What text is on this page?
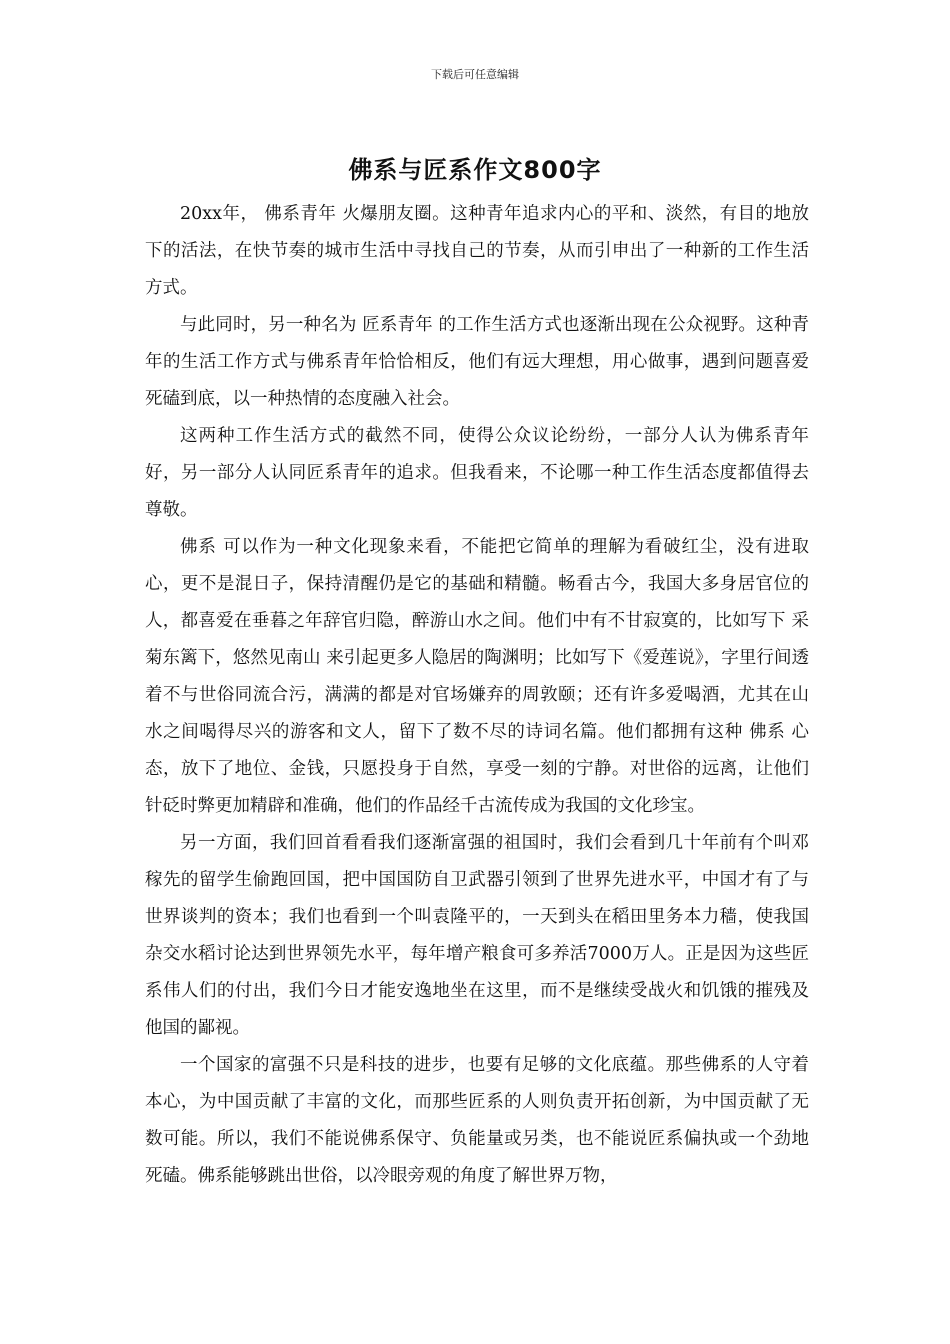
下载后可任意编辑
佛系与匠系作文800字

20xx年， 佛系青年 火爆朋友圈。这种青年追求内心的平和、淡然，有目的地放下的活法，在快节奏的城市生活中寻找自己的节奏，从而引申出了一种新的工作生活方式。

与此同时，另一种名为 匠系青年 的工作生活方式也逐渐出现在公众视野。这种青年的生活工作方式与佛系青年恰恰相反，他们有远大理想，用心做事，遇到问题喜爱死磕到底，以一种热情的态度融入社会。

这两种工作生活方式的截然不同，使得公众议论纷纷，一部分人认为佛系青年好，另一部分人认同匠系青年的追求。但我看来，不论哪一种工作生活态度都值得去尊敬。

佛系 可以作为一种文化现象来看，不能把它简单的理解为看破红尘，没有进取心，更不是混日子，保持清醒仍是它的基础和精髓。畅看古今，我国大多身居官位的人，都喜爱在垂暮之年辞官归隐，醉游山水之间。他们中有不甘寂寞的，比如写下 采菊东篱下，悠然见南山 来引起更多人隐居的陶渊明；比如写下《爱莲说》，字里行间透着不与世俗同流合污，满满的都是对官场嫌弃的周敦颐；还有许多爱喝酒，尤其在山水之间喝得尽兴的游客和文人，留下了数不尽的诗词名篇。他们都拥有这种 佛系 心态，放下了地位、金钱，只愿投身于自然，享受一刻的宁静。对世俗的远离，让他们针砭时弊更加精辟和准确，他们的作品经千古流传成为我国的文化珍宝。

另一方面，我们回首看看我们逐渐富强的祖国时，我们会看到几十年前有个叫邓稼先的留学生偷跑回国，把中国国防自卫武器引领到了世界先进水平，中国才有了与世界谈判的资本；我们也看到一个叫袁隆平的，一天到头在稻田里务本力穑，使我国杂交水稻讨论达到世界领先水平，每年增产粮食可多养活7000万人。正是因为这些匠系伟人们的付出，我们今日才能安逸地坐在这里，而不是继续受战火和饥饿的摧残及他国的鄙视。

一个国家的富强不只是科技的进步，也要有足够的文化底蕴。那些佛系的人守着本心，为中国贡献了丰富的文化，而那些匠系的人则负责开拓创新，为中国贡献了无数可能。所以，我们不能说佛系保守、负能量或另类，也不能说匠系偏执或一个劲地死磕。佛系能够跳出世俗，以冷眼旁观的角度了解世界万物，
